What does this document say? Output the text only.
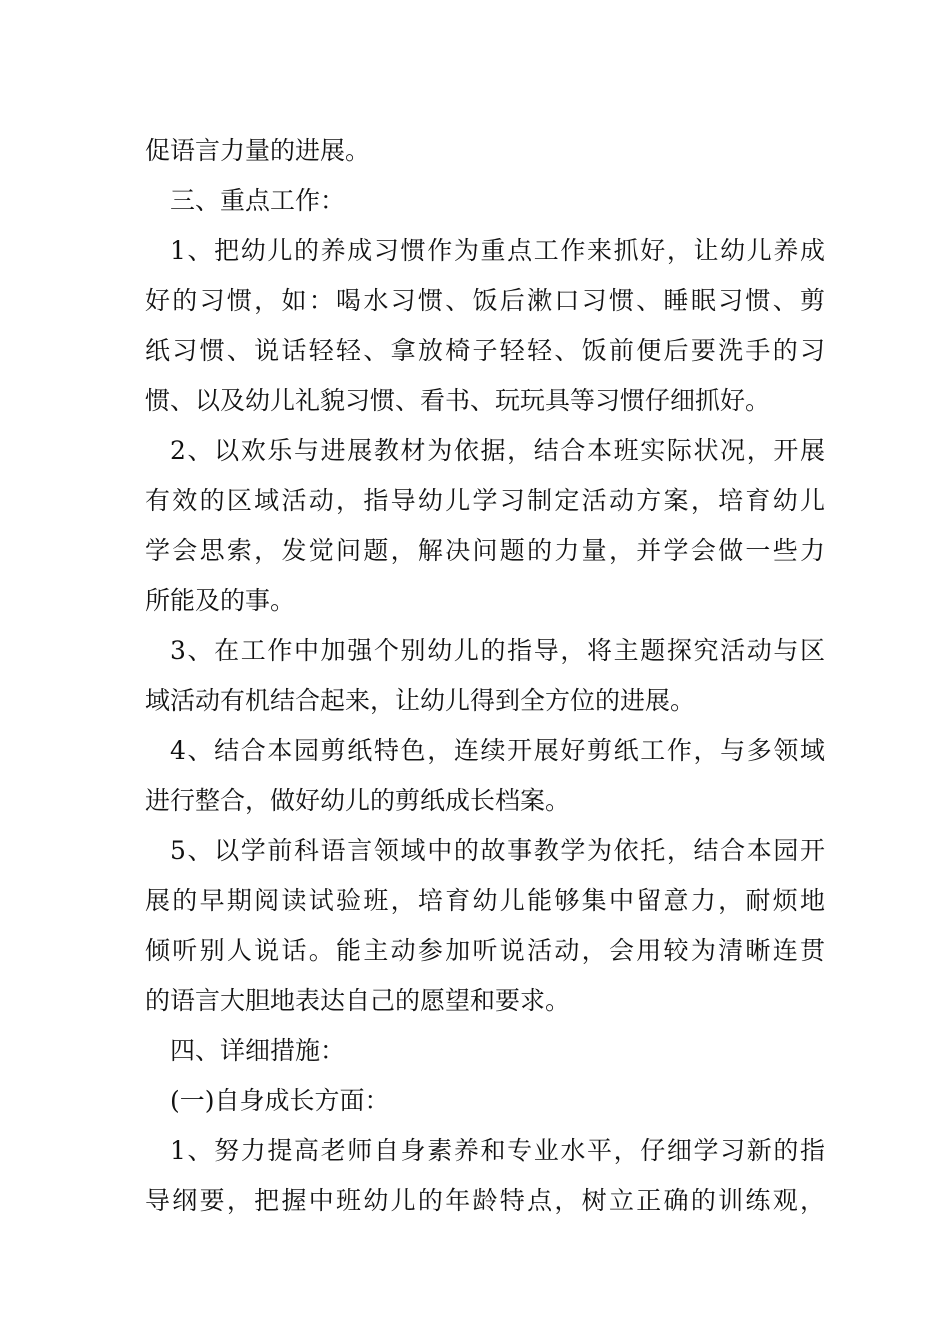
促语言力量的进展。
三、重点工作：
1、把幼儿的养成习惯作为重点工作来抓好，让幼儿养成
好的习惯，如：喝水习惯、饭后漱口习惯、睡眠习惯、剪
纸习惯、说话轻轻、拿放椅子轻轻、饭前便后要洗手的习
惯、以及幼儿礼貌习惯、看书、玩玩具等习惯仔细抓好。
2、以欢乐与进展教材为依据，结合本班实际状况，开展
有效的区域活动，指导幼儿学习制定活动方案，培育幼儿
学会思索，发觉问题，解决问题的力量，并学会做一些力
所能及的事。
3、在工作中加强个别幼儿的指导，将主题探究活动与区
域活动有机结合起来，让幼儿得到全方位的进展。
4、结合本园剪纸特色，连续开展好剪纸工作，与多领域
进行整合，做好幼儿的剪纸成长档案。
5、以学前科语言领域中的故事教学为依托，结合本园开
展的早期阅读试验班，培育幼儿能够集中留意力，耐烦地
倾听别人说话。能主动参加听说活动，会用较为清晰连贯
的语言大胆地表达自己的愿望和要求。
四、详细措施：
(一)自身成长方面：
1、努力提高老师自身素养和专业水平，仔细学习新的指
导纲要，把握中班幼儿的年龄特点，树立正确的训练观，
